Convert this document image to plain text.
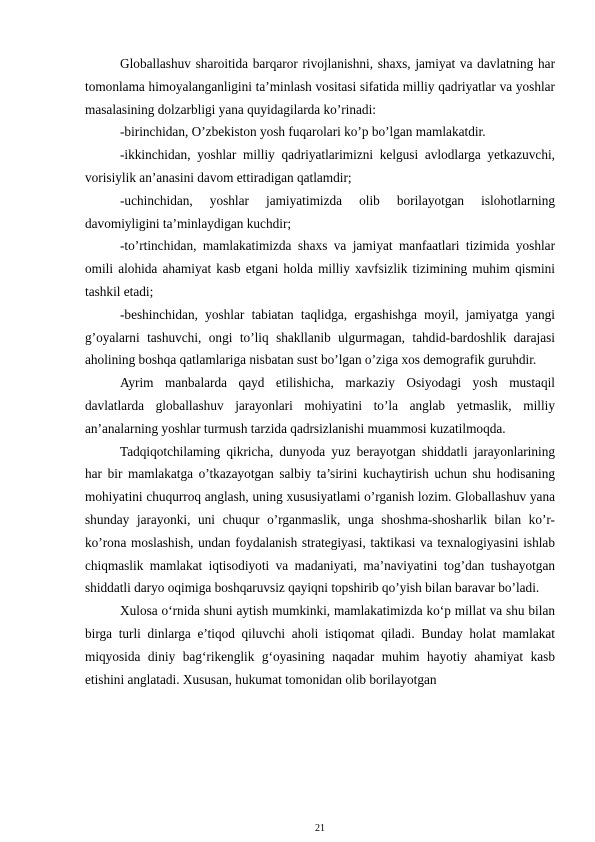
Globallashuv sharoitida barqaror rivojlanishni, shaxs, jamiyat va davlatning har tomonlama himoyalanganligini ta’minlash vositasi sifatida milliy qadriyatlar va yoshlar masalasining dolzarbligi yana quyidagilarda ko’rinadi:

-birinchidan, O’zbekiston yosh fuqarolari ko’p bo’lgan mamlakatdir.

-ikkinchidan, yoshlar milliy qadriyatlarimizni kelgusi avlodlarga yetkazuvchi, vorisiylik an’anasini davom ettiradigan qatlamdir;

-uchinchidan, yoshlar jamiyatimizda olib borilayotgan islohotlarning davomiyligini ta’minlaydigan kuchdir;

-to’rtinchidan, mamlakatimizda shaxs va jamiyat manfaatlari tizimida yoshlar omili alohida ahamiyat kasb etgani holda milliy xavfsizlik tizimining muhim qismini tashkil etadi;

-beshinchidan, yoshlar tabiatan taqlidga, ergashishga moyil, jamiyatga yangi g’oyalarni tashuvchi, ongi to’liq shakllanib ulgurmagan, tahdid-bardoshlik darajasi aholining boshqa qatlamlariga nisbatan sust bo’lgan o’ziga xos demografik guruhdir.

Ayrim manbalarda qayd etilishicha, markaziy Osiyodagi yosh mustaqil davlatlarda globallashuv jarayonlari mohiyatini to’la anglab yetmaslik, milliy an’analarning yoshlar turmush tarzida qadrsizlanishi muammosi kuzatilmoqda.

Tadqiqotchilaming qikricha, dunyoda yuz berayotgan shiddatli jarayonlarining har bir mamlakatga o’tkazayotgan salbiy ta’sirini kuchaytirish uchun shu hodisaning mohiyatini chuqurroq anglash, uning xususiyatlami o’rganish lozim. Globallashuv yana shunday jarayonki, uni chuqur o’rganmaslik, unga shoshma-shosharlik bilan ko’r-ko’rona moslashish, undan foydalanish strategiyasi, taktikasi va texnalogiyasini ishlab chiqmaslik mamlakat iqtisodiyoti va madaniyati, ma’naviyatini tog’dan tushayotgan shiddatli daryo oqimiga boshqaruvsiz qayiqni topshirib qo’yish bilan baravar bo’ladi.

Xulosa o‘rnida shuni aytish mumkinki, mamlakatimizda ko‘p millat va shu bilan birga turli dinlarga e’tiqod qiluvchi aholi istiqomat qiladi. Bunday holat mamlakat miqyosida diniy bag‘rikenglik g‘oyasining naqadar muhim hayotiy ahamiyat kasb etishini anglatadi. Xususan, hukumat tomonidan olib borilayotgan

21
